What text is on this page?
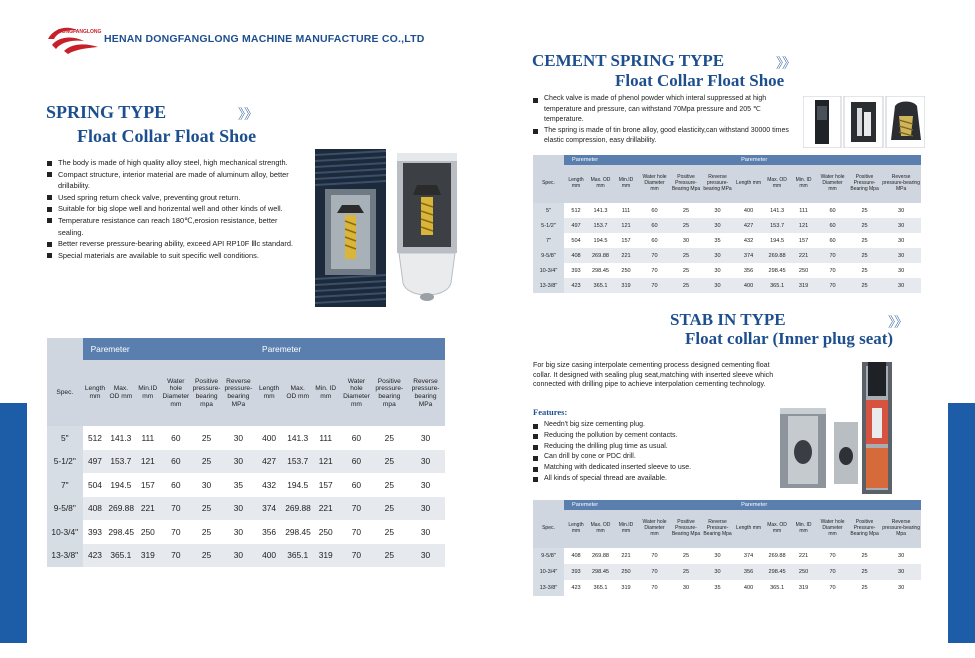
DONGFANGLONG
HENAN DONGFANGLONG MACHINE MANUFACTURE CO.,LTD
SPRING TYPE	》》
Float Collar Float Shoe
The body is made of high quality alloy steel, high mechanical strength.
Compact structure, interior material are made of aluminum alloy, better drillability.
Used spring return check valve, preventing grout return.
Suitable for big slope well and horizental well and other kinds of well.
Temperature resistance can reach 180℃,erosion resistance, better sealing.
Better reverse pressure-bearing ability, exceed API RP10F Ⅲc standard.
Special materials are available to suit specific well conditions.
	Paremeter						Paremeter					
Spec.	Length mm	Max. OD mm	Min.ID mm	Water hole Diameter mm	Positive pressure-bearing mpa	Reverse pressure-bearing MPa	Length mm	Max. OD mm	Min. ID mm	Water hole Diameter mm	Positive pressure-bearing mpa	Reverse pressure-bearing MPa
5"	512	141.3	111	60	25	30	400	141.3	111	60	25	30
5-1/2"	497	153.7	121	60	25	30	427	153.7	121	60	25	30
7"	504	194.5	157	60	30	35	432	194.5	157	60	25	30
9-5/8"	408	269.88	221	70	25	30	374	269.88	221	70	25	30
10-3/4"	393	298.45	250	70	25	30	356	298.45	250	70	25	30
13-3/8"	423	365.1	319	70	25	30	400	365.1	319	70	25	30
CEMENT SPRING TYPE	》》
Float Collar Float Shoe
Check valve is made of phenol powder which interal suppressed at high temperature and pressure, can withstand 70Mpa pressure and 205 ℃ temperature.
The spring is made of tin brone alloy, good elasticity,can withstand 30000 times elastic compression, easy drillability.
	Paremeter						Paremeter					
Spec.	Length mm	Max. OD mm	Min.ID mm	Water hole Diameter mm	Positive Pressure-Bearing Mpa	Reverse pressure-bearing MPa	Length mm	Max. OD mm	Min. ID mm	Water hole Diameter mm	Positive Pressure-Bearing Mpa	Reverse pressure-bearing MPa
5"	512	141.3	111	60	25	30	400	141.3	111	60	25	30
5-1/2"	497	153.7	121	60	25	30	427	153.7	121	60	25	30
7"	504	194.5	157	60	30	35	432	194.5	157	60	25	30
9-5/8"	408	269.88	221	70	25	30	374	269.88	221	70	25	30
10-3/4"	393	298.45	250	70	25	30	356	298.45	250	70	25	30
13-3/8"	423	365.1	319	70	25	30	400	365.1	319	70	25	30
STAB IN TYPE	》》
Float collar (Inner plug seat)
For big size casing interpolate cementing process designed cementing float collar. It designed with sealing plug seat,matching with inserted sleeve which connected with drilling pipe to achieve interpolation cementing technology.
Features:
Needn't big size cementing plug.
Reducing the pollution by cement contacts.
Reducing the drilling plug time as usual.
Can drill by cone or PDC drill.
Matching with dedicated inserted sleeve to use.
All kinds of special thread are available.
	Paremeter						Paremeter					
Spec.	Length mm	Max. OD mm	Min.ID mm	Water hole Diameter mm	Positive Pressure-Bearing Mpa	Reverse Pressure-Bearing Mpa	Length mm	Max. OD mm	Min. ID mm	Water hole Diameter mm	Positive Pressure-Bearing Mpa	Reverse pressure-bearing Mpa
9-5/8"	408	269.88	221	70	25	30	374	269.88	221	70	25	30
10-3/4"	393	298.45	250	70	25	30	356	298.45	250	70	25	30
13-3/8"	423	365.1	319	70	30	35	400	365.1	319	70	25	30
